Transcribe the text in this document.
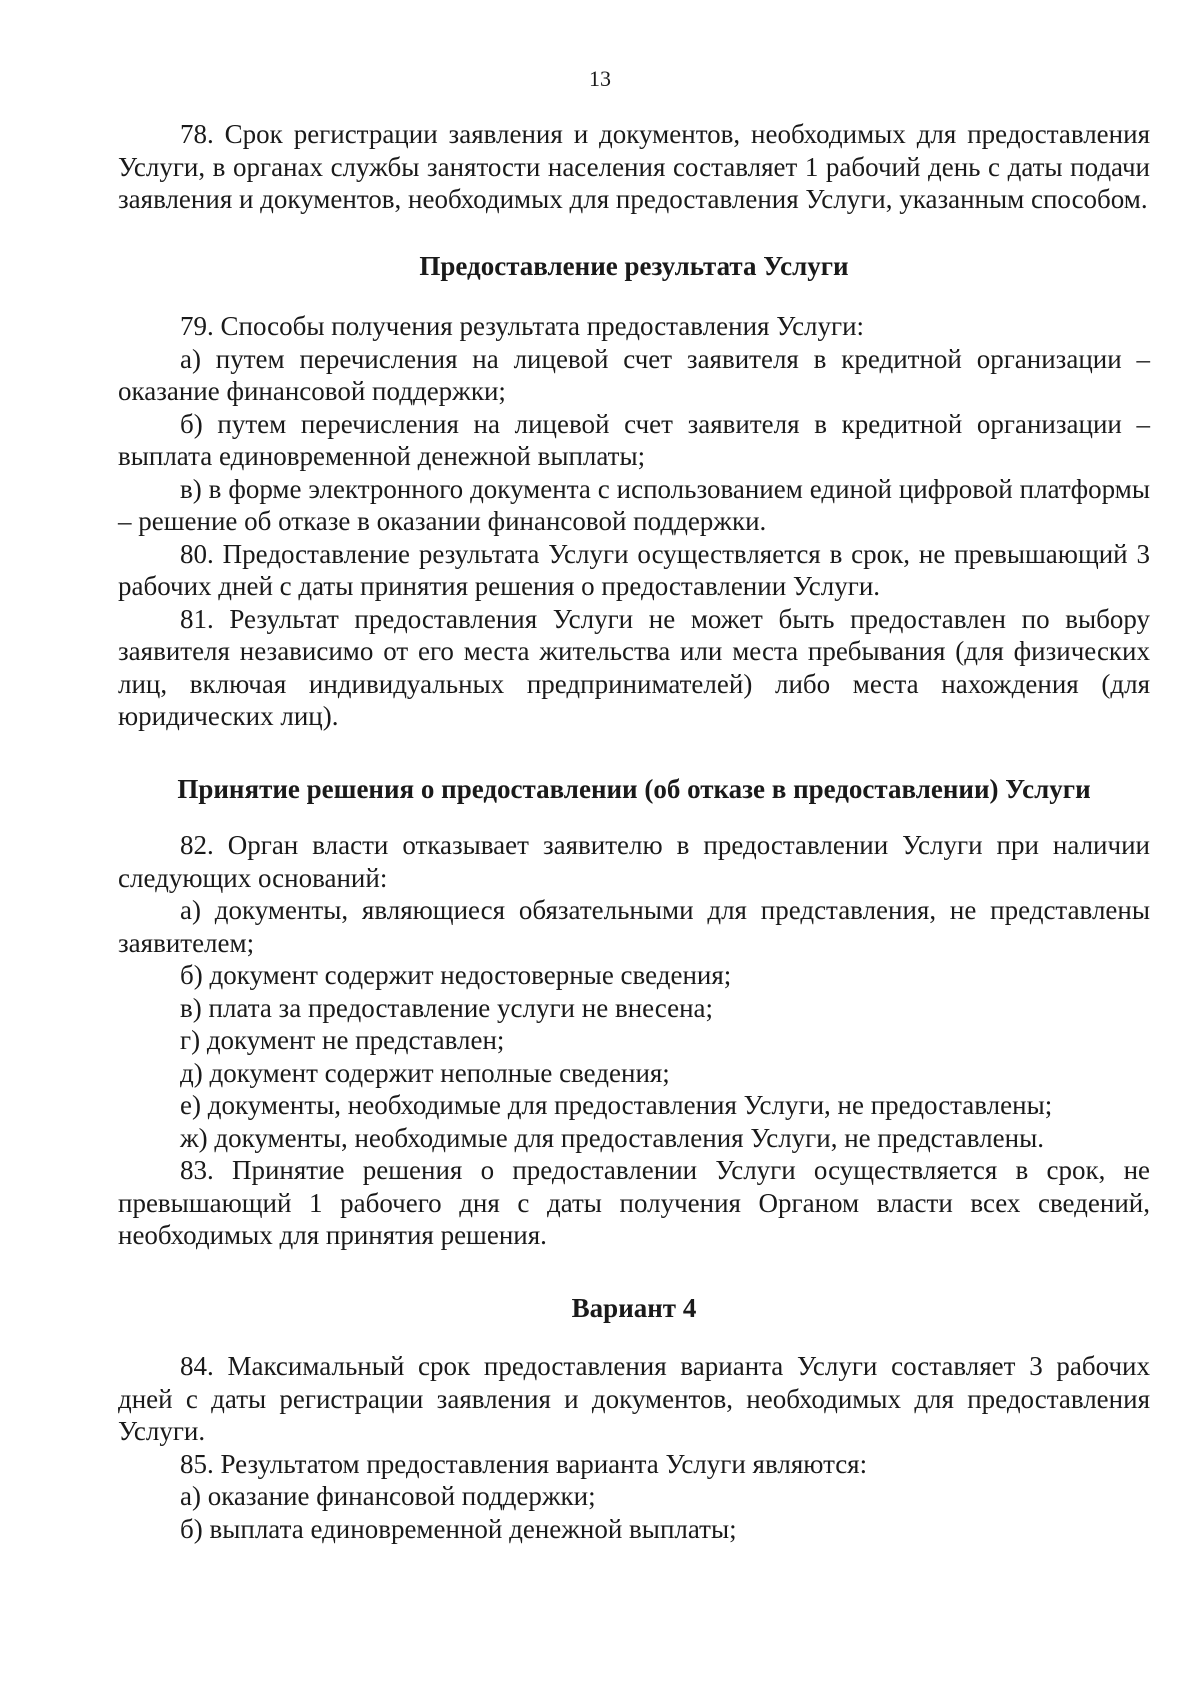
13

78. Срок регистрации заявления и документов, необходимых для предоставления Услуги, в органах службы занятости населения составляет 1 рабочий день с даты подачи заявления и документов, необходимых для предоставления Услуги, указанным способом.

Предоставление результата Услуги

79. Способы получения результата предоставления Услуги:

а) путем перечисления на лицевой счет заявителя в кредитной организации – оказание финансовой поддержки;

б) путем перечисления на лицевой счет заявителя в кредитной организации – выплата единовременной денежной выплаты;

в) в форме электронного документа с использованием единой цифровой платформы – решение об отказе в оказании финансовой поддержки.

80. Предоставление результата Услуги осуществляется в срок, не превышающий 3 рабочих дней с даты принятия решения о предоставлении Услуги.

81. Результат предоставления Услуги не может быть предоставлен по выбору заявителя независимо от его места жительства или места пребывания (для физических лиц, включая индивидуальных предпринимателей) либо места нахождения (для юридических лиц).

Принятие решения о предоставлении (об отказе в предоставлении) Услуги

82. Орган власти отказывает заявителю в предоставлении Услуги при наличии следующих оснований:

а) документы, являющиеся обязательными для представления, не представлены заявителем;

б) документ содержит недостоверные сведения;

в) плата за предоставление услуги не внесена;

г) документ не представлен;

д) документ содержит неполные сведения;

е) документы, необходимые для предоставления Услуги, не предоставлены;

ж) документы, необходимые для предоставления Услуги, не представлены.

83. Принятие решения о предоставлении Услуги осуществляется в срок, не превышающий 1 рабочего дня с даты получения Органом власти всех сведений, необходимых для принятия решения.

Вариант 4

84. Максимальный срок предоставления варианта Услуги составляет 3 рабочих дней с даты регистрации заявления и документов, необходимых для предоставления Услуги.

85. Результатом предоставления варианта Услуги являются:

а) оказание финансовой поддержки;

б) выплата единовременной денежной выплаты;
